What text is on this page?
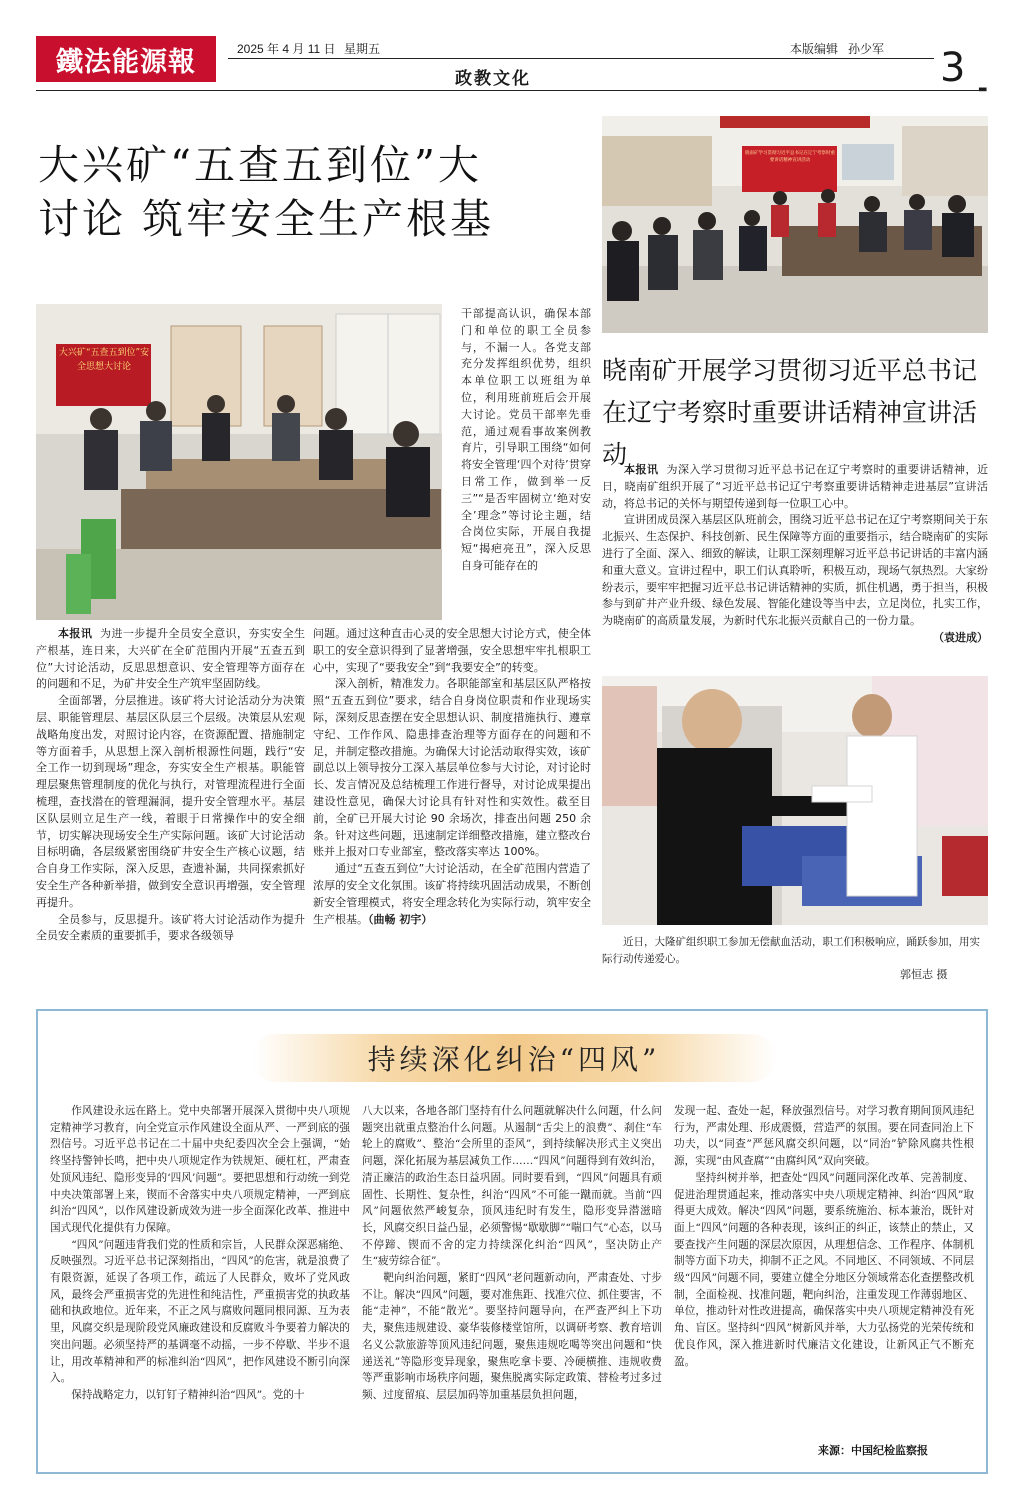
鐵法能源報	2025 年 4 月 11 日 星期五	本版编辑 孙少军
政教文化	3 ▬
大兴矿“五查五到位”大
讨论 筑牢安全生产根基
大兴矿“五查五到位”安全思想大讨论
干部提高认识，确保本部门和单位的职工全员参与，不漏一人。各党支部充分发挥组织优势，组织本单位职工以班组为单位，利用班前班后会开展大讨论。党员干部率先垂范，通过观看事故案例教育片，引导职工围绕“如何将安全管理‘四个对待’贯穿日常工作，做到举一反三”“是否牢固树立‘绝对安全’理念”等讨论主题，结合岗位实际，开展自我提短“揭疤亮丑”，深入反思自身可能存在的

本报讯 为进一步提升全员安全意识，夯实安全生产根基，连日来，大兴矿在全矿范围内开展“五查五到位”大讨论活动，反思思想意识、安全管理等方面存在的问题和不足，为矿井安全生产筑牢坚固防线。

全面部署，分层推进。该矿将大讨论活动分为决策层、职能管理层、基层区队层三个层级。决策层从宏观战略角度出发，对照讨论内容，在资源配置、措施制定等方面着手，从思想上深入剖析根源性问题，践行“安全工作一切到现场”理念，夯实安全生产根基。职能管理层聚焦管理制度的优化与执行，对管理流程进行全面梳理，查找潜在的管理漏洞，提升安全管理水平。基层区队层则立足生产一线，着眼于日常操作中的安全细节，切实解决现场安全生产实际问题。该矿大讨论活动目标明确，各层级紧密围绕矿井安全生产核心议题，结合自身工作实际，深入反思，查遗补漏，共同探索抓好安全生产各种新举措，做到安全意识再增强，安全管理再提升。

全员参与，反思提升。该矿将大讨论活动作为提升全员安全素质的重要抓手，要求各级领导

问题。通过这种直击心灵的安全思想大讨论方式，使全体职工的安全意识得到了显著增强，安全思想牢牢扎根职工心中，实现了“要我安全”到“我要安全”的转变。

深入剖析，精准发力。各职能部室和基层区队严格按照“五查五到位”要求，结合自身岗位职责和作业现场实际，深刻反思查摆在安全思想认识、制度措施执行、遵章守纪、工作作风、隐患排查治理等方面存在的问题和不足，并制定整改措施。为确保大讨论活动取得实效，该矿副总以上领导按分工深入基层单位参与大讨论，对讨论时长、发言情况及总结梳理工作进行督导，对讨论成果提出建设性意见，确保大讨论具有针对性和实效性。截至目前，全矿已开展大讨论 90 余场次，排查出问题 250 余条。针对这些问题，迅速制定详细整改措施，建立整改台账并上报对口专业部室，整改落实率达 100%。

通过“五查五到位”大讨论活动，在全矿范围内营造了浓厚的安全文化氛围。该矿将持续巩固活动成果，不断创新安全管理模式，将安全理念转化为实际行动，筑牢安全生产根基。（曲畅 初宇）

晓南矿学习贯彻习近平总书记在辽宁考察时重要讲话精神宣讲活动
晓南矿开展学习贯彻习近平总书记
在辽宁考察时重要讲话精神宣讲活动

本报讯 为深入学习贯彻习近平总书记在辽宁考察时的重要讲话精神，近日，晓南矿组织开展了“习近平总书记辽宁考察重要讲话精神走进基层”宣讲活动，将总书记的关怀与期望传递到每一位职工心中。

宣讲团成员深入基层区队班前会，围绕习近平总书记在辽宁考察期间关于东北振兴、生态保护、科技创新、民生保障等方面的重要指示，结合晓南矿的实际进行了全面、深入、细致的解读，让职工深刻理解习近平总书记讲话的丰富内涵和重大意义。宣讲过程中，职工们认真聆听，积极互动，现场气氛热烈。大家纷纷表示，要牢牢把握习近平总书记讲话精神的实质，抓住机遇，勇于担当，积极参与到矿井产业升级、绿色发展、智能化建设等当中去，立足岗位，扎实工作，为晓南矿的高质量发展，为新时代东北振兴贡献自己的一份力量。
（袁进成）

近日，大隆矿组织职工参加无偿献血活动，职工们积极响应，踊跃参加，用实际行动传递爱心。

郭恒志 摄
持续深化纠治“四风”

作风建设永远在路上。党中央部署开展深入贯彻中央八项规定精神学习教育，向全党宣示作风建设全面从严、一严到底的强烈信号。习近平总书记在二十届中央纪委四次全会上强调，“始终坚持警钟长鸣，把中央八项规定作为铁规矩、硬杠杠，严肃查处顶风违纪、隐形变异的‘四风’问题”。要把思想和行动统一到党中央决策部署上来，锲而不舍落实中央八项规定精神，一严到底纠治“四风”，以作风建设新成效为进一步全面深化改革、推进中国式现代化提供有力保障。

“四风”问题违背我们党的性质和宗旨，人民群众深恶痛绝、反映强烈。习近平总书记深刻指出，“四风”的危害，就是浪费了有限资源，延误了各项工作，疏远了人民群众，败坏了党风政风，最终会严重损害党的先进性和纯洁性，严重损害党的执政基础和执政地位。近年来，不正之风与腐败问题同根同源、互为表里，风腐交织是现阶段党风廉政建设和反腐败斗争要着力解决的突出问题。必须坚持严的基调毫不动摇，一步不停歇、半步不退让，用改革精神和严的标准纠治“四风”，把作风建设不断引向深入。

保持战略定力，以钉钉子精神纠治“四风”。党的十

八大以来，各地各部门坚持有什么问题就解决什么问题，什么问题突出就重点整治什么问题。从遏制“舌尖上的浪费”、刹住“车轮上的腐败”、整治“会所里的歪风”，到持续解决形式主义突出问题，深化拓展为基层减负工作……“四风”问题得到有效纠治，清正廉洁的政治生态日益巩固。同时要看到，“四风”问题具有顽固性、长期性、复杂性，纠治“四风”不可能一蹴而就。当前“四风”问题依然严峻复杂，顶风违纪时有发生，隐形变异潜滋暗长，风腐交织日益凸显，必须警惕“歇歇脚”“喘口气”心态，以马不停蹄、锲而不舍的定力持续深化纠治“四风”，坚决防止产生“疲劳综合征”。

靶向纠治问题，紧盯“四风”老问题新动向，严肃查处、寸步不让。解决“四风”问题，要对准焦距、找准穴位、抓住要害，不能“走神”，不能“散光”。要坚持问题导向，在严查严纠上下功夫，聚焦违规建设、豪华装修楼堂馆所，以调研考察、教育培训名义公款旅游等顶风违纪问题，聚焦违规吃喝等突出问题和“快递送礼”等隐形变异现象，聚焦吃拿卡要、冷硬横推、违规收费等严重影响市场秩序问题，聚焦脱离实际定政策、替检考过多过频、过度留痕、层层加码等加重基层负担问题，

发现一起、查处一起，释放强烈信号。对学习教育期间顶风违纪行为，严肃处理、形成震慑，营造严的氛围。要在同查同治上下功夫，以“同查”严惩风腐交织问题，以“同治”铲除风腐共性根源，实现“由风查腐”“由腐纠风”双向突破。

坚持纠树并举，把查处“四风”问题同深化改革、完善制度、促进治理贯通起来，推动落实中央八项规定精神、纠治“四风”取得更大成效。解决“四风”问题，要系统施治、标本兼治，既针对面上“四风”问题的各种表现，该纠正的纠正，该禁止的禁止，又要查找产生问题的深层次原因，从理想信念、工作程序、体制机制等方面下功夫，抑制不正之风。不同地区、不同领域、不同层级“四风”问题不同，要建立健全分地区分领域常态化查摆整改机制，全面检视、找准问题，靶向纠治，注重发现工作薄弱地区、单位，推动针对性改进提高，确保落实中央八项规定精神没有死角、盲区。坚持纠“四风”树新风并举，大力弘扬党的光荣传统和优良作风，深入推进新时代廉洁文化建设，让新风正气不断充盈。

来源：中国纪检监察报
